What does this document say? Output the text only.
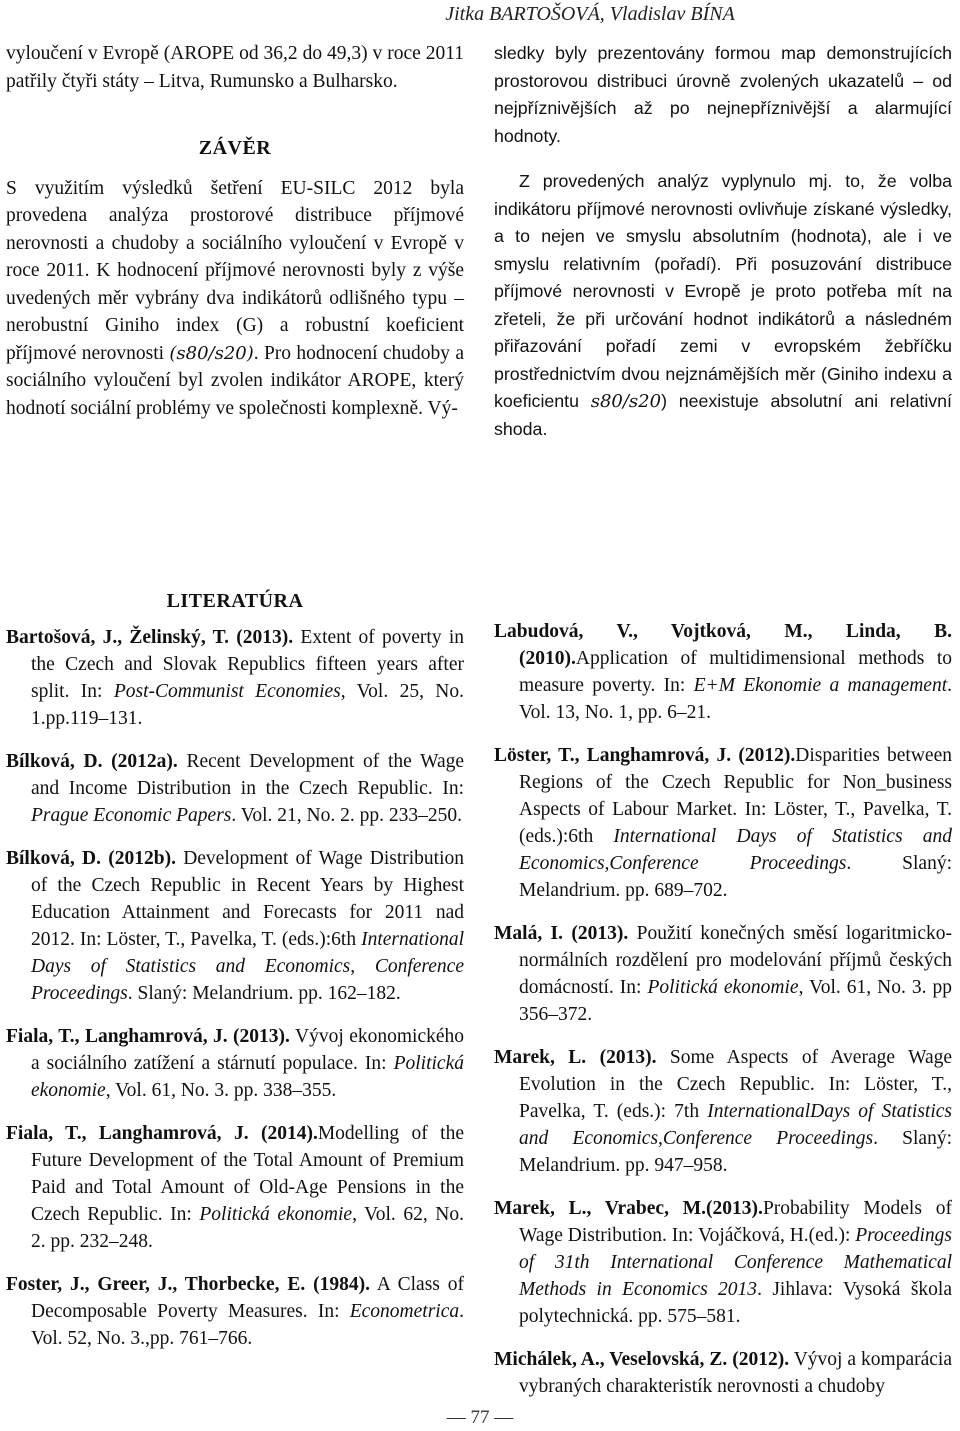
Jitka BARTOŠOVÁ, Vladislav BÍNA

vyloučení v Evropě (AROPE od 36,2 do 49,3) v roce 2011 patřily čtyři státy – Litva, Rumunsko a Bulharsko.

ZÁVĚR

S využitím výsledků šetření EU-SILC 2012 byla provedena analýza prostorové distribuce příjmové nerovnosti a chudoby a sociálního vyloučení v Evropě v roce 2011. K hodnocení příjmové nerovnosti byly z výše uvedených měr vybrány dva indikátorů odlišného typu – nerobustní Giniho index (G) a robustní koeficient příjmové nerovnosti (s80/s20). Pro hodnocení chudoby a sociálního vyloučení byl zvolen indikátor AROPE, který hodnotí sociální problémy ve společnosti komplexně. Vý-

sledky byly prezentovány formou map demonstrujících prostorovou distribuci úrovně zvolených ukazatelů – od nejpříznivějších až po nejnepříznivější a alarmující hodnoty.

Z provedených analýz vyplynulo mj. to, že volba indikátoru příjmové nerovnosti ovlivňuje získané výsledky, a to nejen ve smyslu absolutním (hodnota), ale i ve smyslu relativním (pořadí). Při posuzování distribuce příjmové nerovnosti v Evropě je proto potřeba mít na zřeteli, že při určování hodnot indikátorů a následném přiřazování pořadí zemi v evropském žebříčku prostřednictvím dvou nejznámějších měr (Giniho indexu a koeficientu s80/s20) neexistuje absolutní ani relativní shoda.

LITERATÚRA

Bartošová, J., Želinský, T. (2013). Extent of poverty in the Czech and Slovak Republics fifteen years after split. In: Post-Communist Economies, Vol. 25, No. 1.pp.119–131.

Bílková, D. (2012a). Recent Development of the Wage and Income Distribution in the Czech Republic. In: Prague Economic Papers. Vol. 21, No. 2. pp. 233–250.

Bílková, D. (2012b). Development of Wage Distribution of the Czech Republic in Recent Years by Highest Education Attainment and Forecasts for 2011 nad 2012. In: Löster, T., Pavelka, T. (eds.):6th International Days of Statistics and Economics, Conference Proceedings. Slaný: Melandrium. pp. 162–182.

Fiala, T., Langhamrová, J. (2013). Vývoj ekonomického a sociálního zatížení a stárnutí populace. In: Politická ekonomie, Vol. 61, No. 3. pp. 338–355.

Fiala, T., Langhamrová, J. (2014).Modelling of the Future Development of the Total Amount of Premium Paid and Total Amount of Old-Age Pensions in the Czech Republic. In: Politická ekonomie, Vol. 62, No. 2. pp. 232–248.

Foster, J., Greer, J., Thorbecke, E. (1984). A Class of Decomposable Poverty Measures. In: Econometrica. Vol. 52, No. 3.,pp. 761–766.

Labudová, V., Vojtková, M., Linda, B.(2010).Application of multidimensional methods to measure poverty. In: E+M Ekonomie a management. Vol. 13, No. 1, pp. 6–21.

Löster, T., Langhamrová, J. (2012).Disparities between Regions of the Czech Republic for Non_business Aspects of Labour Market. In: Löster, T., Pavelka, T. (eds.):6th International Days of Statistics and Economics,Conference Proceedings. Slaný: Melandrium. pp. 689–702.

Malá, I. (2013). Použití konečných směsí logaritmicko-normálních rozdělení pro modelování příjmů českých domácností. In: Politická ekonomie, Vol. 61, No. 3. pp 356–372.

Marek, L. (2013). Some Aspects of Average Wage Evolution in the Czech Republic. In: Löster, T., Pavelka, T. (eds.): 7th InternationalDays of Statistics and Economics,Conference Proceedings. Slaný: Melandrium. pp. 947–958.

Marek, L., Vrabec, M.(2013).Probability Models of Wage Distribution. In: Vojáčková, H.(ed.): Proceedings of 31th International Conference Mathematical Methods in Economics 2013. Jihlava: Vysoká škola polytechnická. pp. 575–581.

Michálek, A., Veselovská, Z. (2012). Vývoj a komparácia vybraných charakteristík nerovnosti a chudoby

— 77 —
